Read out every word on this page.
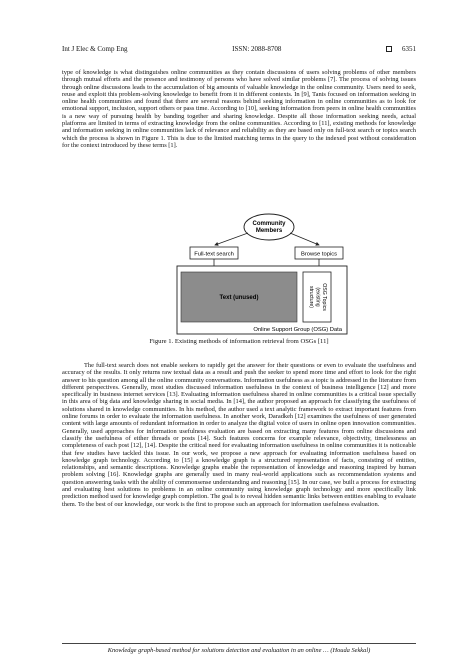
Int J Elec & Comp Eng	ISSN: 2088-8708	6351

type of knowledge is what distinguishes online communities as they contain discussions of users solving problems of other members through mutual efforts and the presence and testimony of persons who have solved similar problems [7]. The process of solving issues through online discussions leads to the accumulation of big amounts of valuable knowledge in the online community. Users need to seek, reuse and exploit this problem-solving knowledge to benefit from it in different contexts. In [9], Tanis focused on information seeking in online health communities and found that there are several reasons behind seeking information in online communities as to look for emotional support, inclusion, support others or pass time. According to [10], seeking information from peers in online health communities is a new way of pursuing health by banding together and sharing knowledge. Despite all those information seeking needs, actual platforms are limited in terms of extracting knowledge from the online communities. According to [11], existing methods for knowledge and information seeking in online communities lack of relevance and reliability as they are based only on full-text search or topics search which the process is shown in Figure 1. This is due to the limited matching terms in the query to the indexed post without consideration for the context introduced by these terms [1].

Community
Members
Full-text search	Browse topics
Text (unused)	OSG Topics
(existing
structure)
Online Support Group (OSG) Data
Figure 1. Existing methods of information retrieval from OSGs [11]

The full-text search does not enable seekers to rapidly get the answer for their questions or even to evaluate the usefulness and accuracy of the results. It only returns raw textual data as a result and push the seeker to spend more time and effort to look for the right answer to his question among all the online community conversations. Information usefulness as a topic is addressed in the literature from different perspectives. Generally, most studies discussed information usefulness in the context of business intelligence [12] and more specifically in business internet services [13]. Evaluating information usefulness shared in online communities is a critical issue specially in this area of big data and knowledge sharing in social media. In [14], the author proposed an approach for classifying the usefulness of solutions shared in knowledge communities. In his method, the author used a text analytic framework to extract important features from online forums in order to evaluate the information usefulness. In another work, Daradkeh [12] examines the usefulness of user generated content with large amounts of redundant information in order to analyze the digital voice of users in online open innovation communities. Generally, used approaches for information usefulness evaluation are based on extracting many features from online discussions and classify the usefulness of either threads or posts [14]. Such features concerns for example relevance, objectivity, timelessness an completeness of each post [12], [14]. Despite the critical need for evaluating information usefulness in online communities it is noticeable that few studies have tackled this issue. In our work, we propose a new approach for evaluating information usefulness based on knowledge graph technology. According to [15] a knowledge graph is a structured representation of facts, consisting of entities, relationships, and semantic descriptions. Knowledge graphs enable the representation of knowledge and reasoning inspired by human problem solving [16]. Knowledge graphs are generally used in many real-world applications such as recommendation systems and question answering tasks with the ability of commonsense understanding and reasoning [15]. In our case, we built a process for extracting and evaluating best solutions to problems in an online community using knowledge graph technology and more specifically link prediction method used for knowledge graph completion. The goal is to reveal hidden semantic links between entities enabling to evaluate them. To the best of our knowledge, our work is the first to propose such an approach for information usefulness evaluation.

Knowledge graph-based method for solutions detection and evaluation in an online … (Houda Sekkal)
